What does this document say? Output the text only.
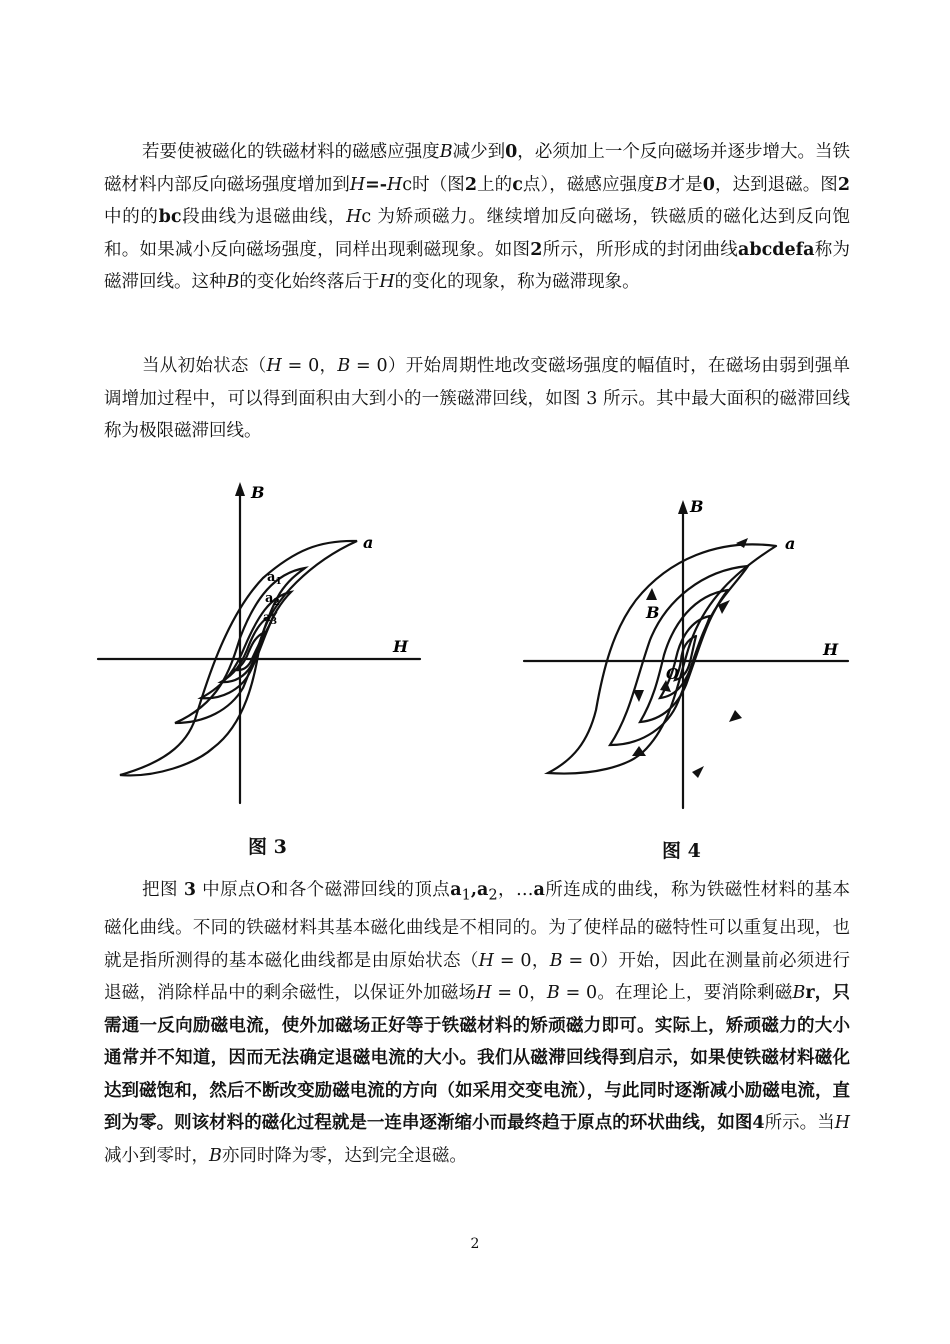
若要使被磁化的铁磁材料的磁感应强度B减少到0，必须加上一个反向磁场并逐步增大。当铁磁材料内部反向磁场强度增加到H=-Hc时（图2上的c点），磁感应强度B才是0，达到退磁。图2中的的bc段曲线为退磁曲线，Hc 为矫顽磁力。继续增加反向磁场，铁磁质的磁化达到反向饱和。如果减小反向磁场强度，同样出现剩磁现象。如图2所示，所形成的封闭曲线abcdefa称为磁滞回线。这种B的变化始终落后于H的变化的现象，称为磁滞现象。

当从初始状态（H = 0，B = 0）开始周期性地改变磁场强度的幅值时，在磁场由弱到强单调增加过程中，可以得到面积由大到小的一簇磁滞回线，如图 3 所示。其中最大面积的磁滞回线称为极限磁滞回线。

B
H
a
$a_1$
$a_2$
$a_3$
图 3
B
H
a
B
O
图 4

把图 3 中原点O和各个磁滞回线的顶点$a_1,a_2$，…a所连成的曲线，称为铁磁性材料的基本磁化曲线。不同的铁磁材料其基本磁化曲线是不相同的。为了使样品的磁特性可以重复出现，也就是指所测得的基本磁化曲线都是由原始状态（H = 0，B = 0）开始，因此在测量前必须进行退磁，消除样品中的剩余磁性，以保证外加磁场H = 0，B = 0。在理论上，要消除剩磁Br，只需通一反向励磁电流，使外加磁场正好等于铁磁材料的矫顽磁力即可。实际上，矫顽磁力的大小通常并不知道，因而无法确定退磁电流的大小。我们从磁滞回线得到启示，如果使铁磁材料磁化达到磁饱和，然后不断改变励磁电流的方向（如采用交变电流），与此同时逐渐减小励磁电流，直到为零。则该材料的磁化过程就是一连串逐渐缩小而最终趋于原点的环状曲线，如图4所示。当H减小到零时，B亦同时降为零，达到完全退磁。

2
